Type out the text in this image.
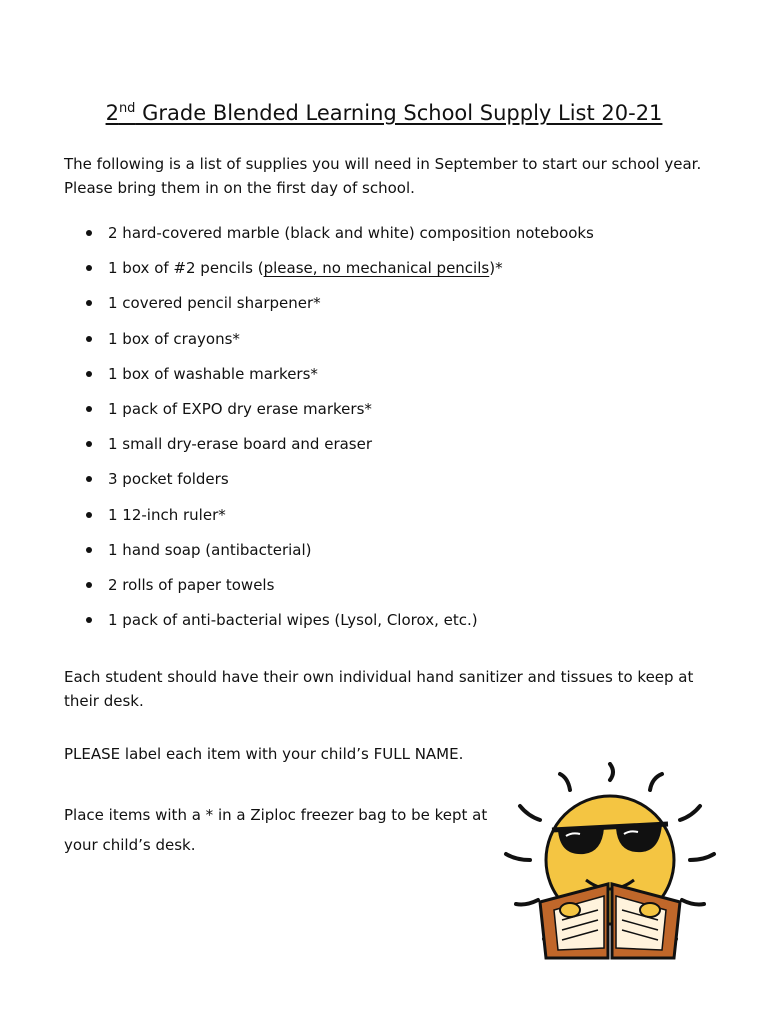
2nd Grade Blended Learning School Supply List 20-21
The following is a list of supplies you will need in September to start our school year. Please bring them in on the first day of school.
2 hard-covered marble (black and white) composition notebooks
1 box of #2 pencils (please, no mechanical pencils)*
1 covered pencil sharpener*
1 box of crayons*
1 box of washable markers*
1 pack of EXPO dry erase markers*
1 small dry-erase board and eraser
3 pocket folders
1 12-inch ruler*
1 hand soap (antibacterial)
2 rolls of paper towels
1 pack of anti-bacterial wipes (Lysol, Clorox, etc.)
Each student should have their own individual hand sanitizer and tissues to keep at their desk.
PLEASE label each item with your child’s FULL NAME.
Place items with a * in a Ziploc freezer bag to be kept at your child’s desk.
